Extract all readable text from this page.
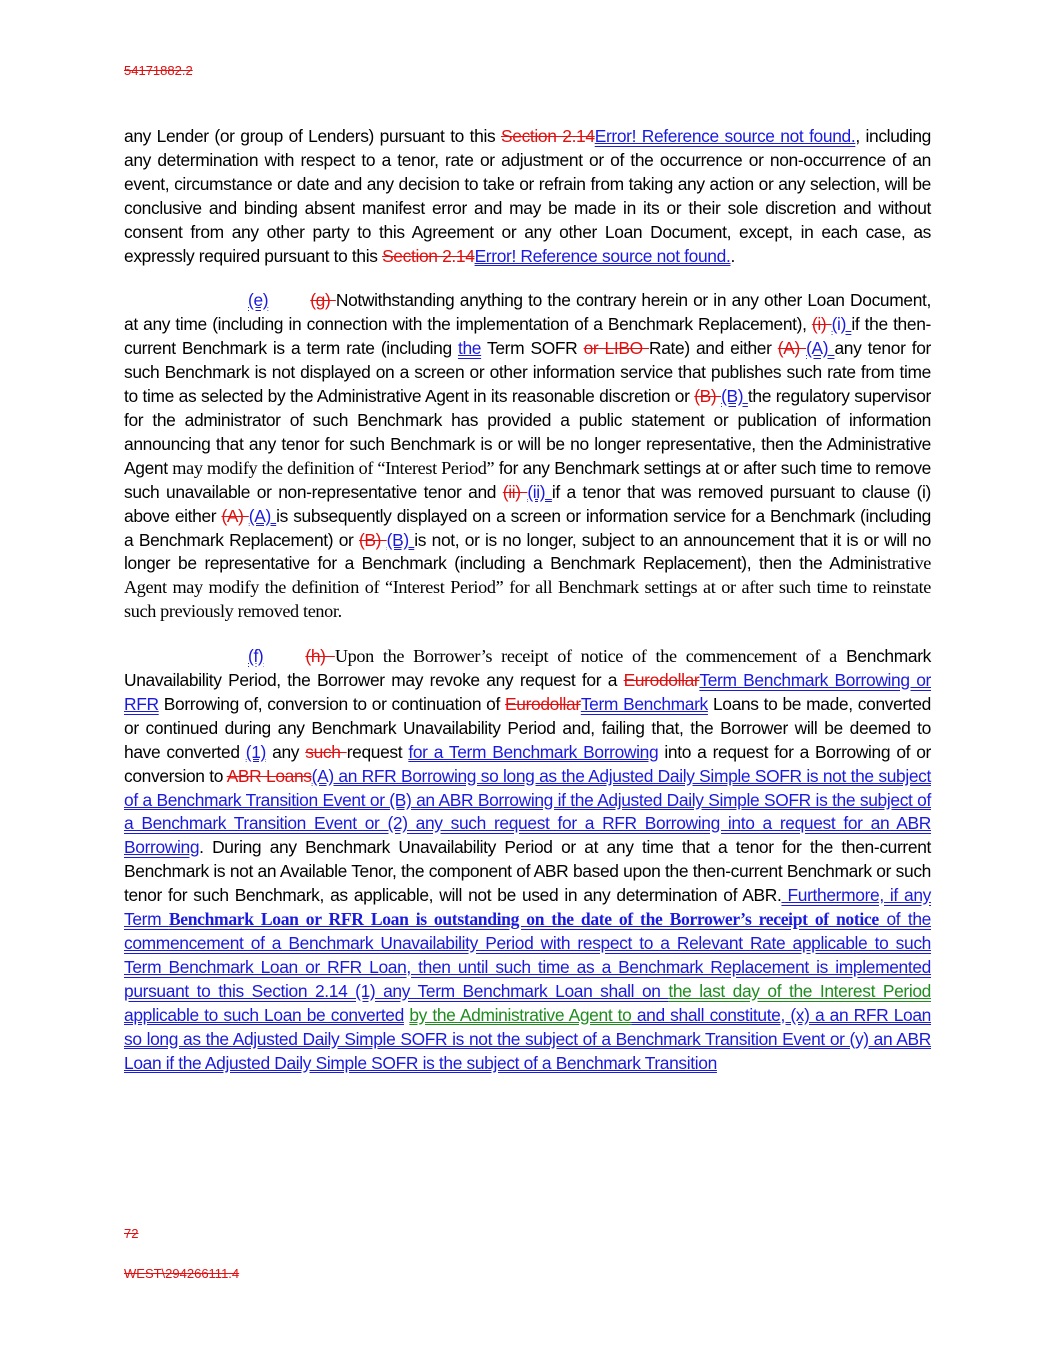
54171882.2

any Lender (or group of Lenders) pursuant to this Section 2.14Error! Reference source not found., including any determination with respect to a tenor, rate or adjustment or of the occurrence or non-occurrence of an event, circumstance or date and any decision to take or refrain from taking any action or any selection, will be conclusive and binding absent manifest error and may be made in its or their sole discretion and without consent from any other party to this Agreement or any other Loan Document, except, in each case, as expressly required pursuant to this Section 2.14Error! Reference source not found..

(e) (g) Notwithstanding anything to the contrary herein or in any other Loan Document, at any time (including in connection with the implementation of a Benchmark Replacement), (i) (i) if the then-current Benchmark is a term rate (including the Term SOFR or LIBO Rate) and either (A) (A) any tenor for such Benchmark is not displayed on a screen or other information service that publishes such rate from time to time as selected by the Administrative Agent in its reasonable discretion or (B) (B) the regulatory supervisor for the administrator of such Benchmark has provided a public statement or publication of information announcing that any tenor for such Benchmark is or will be no longer representative, then the Administrative Agent may modify the definition of “Interest Period” for any Benchmark settings at or after such time to remove such unavailable or non-representative tenor and (ii) (ii) if a tenor that was removed pursuant to clause (i) above either (A) (A) is subsequently displayed on a screen or information service for a Benchmark (including a Benchmark Replacement) or (B) (B) is not, or is no longer, subject to an announcement that it is or will no longer be representative for a Benchmark (including a Benchmark Replacement), then the Administrative Agent may modify the definition of “Interest Period” for all Benchmark settings at or after such time to reinstate such previously removed tenor.

(f) (h) Upon the Borrower’s receipt of notice of the commencement of a Benchmark Unavailability Period, the Borrower may revoke any request for a EurodollarTerm Benchmark Borrowing or RFR Borrowing of, conversion to or continuation of EurodollarTerm Benchmark Loans to be made, converted or continued during any Benchmark Unavailability Period and, failing that, the Borrower will be deemed to have converted (1) any such request for a Term Benchmark Borrowing into a request for a Borrowing of or conversion to ABR Loans(A) an RFR Borrowing so long as the Adjusted Daily Simple SOFR is not the subject of a Benchmark Transition Event or (B) an ABR Borrowing if the Adjusted Daily Simple SOFR is the subject of a Benchmark Transition Event or (2) any such request for a RFR Borrowing into a request for an ABR Borrowing. During any Benchmark Unavailability Period or at any time that a tenor for the then-current Benchmark is not an Available Tenor, the component of ABR based upon the then-current Benchmark or such tenor for such Benchmark, as applicable, will not be used in any determination of ABR. Furthermore, if any Term Benchmark Loan or RFR Loan is outstanding on the date of the Borrower’s receipt of notice of the commencement of a Benchmark Unavailability Period with respect to a Relevant Rate applicable to such Term Benchmark Loan or RFR Loan, then until such time as a Benchmark Replacement is implemented pursuant to this Section 2.14 (1) any Term Benchmark Loan shall on the last day of the Interest Period applicable to such Loan be converted by the Administrative Agent to and shall constitute, (x) a an RFR Loan so long as the Adjusted Daily Simple SOFR is not the subject of a Benchmark Transition Event or (y) an ABR Loan if the Adjusted Daily Simple SOFR is the subject of a Benchmark Transition

72
WEST\294266111.4
